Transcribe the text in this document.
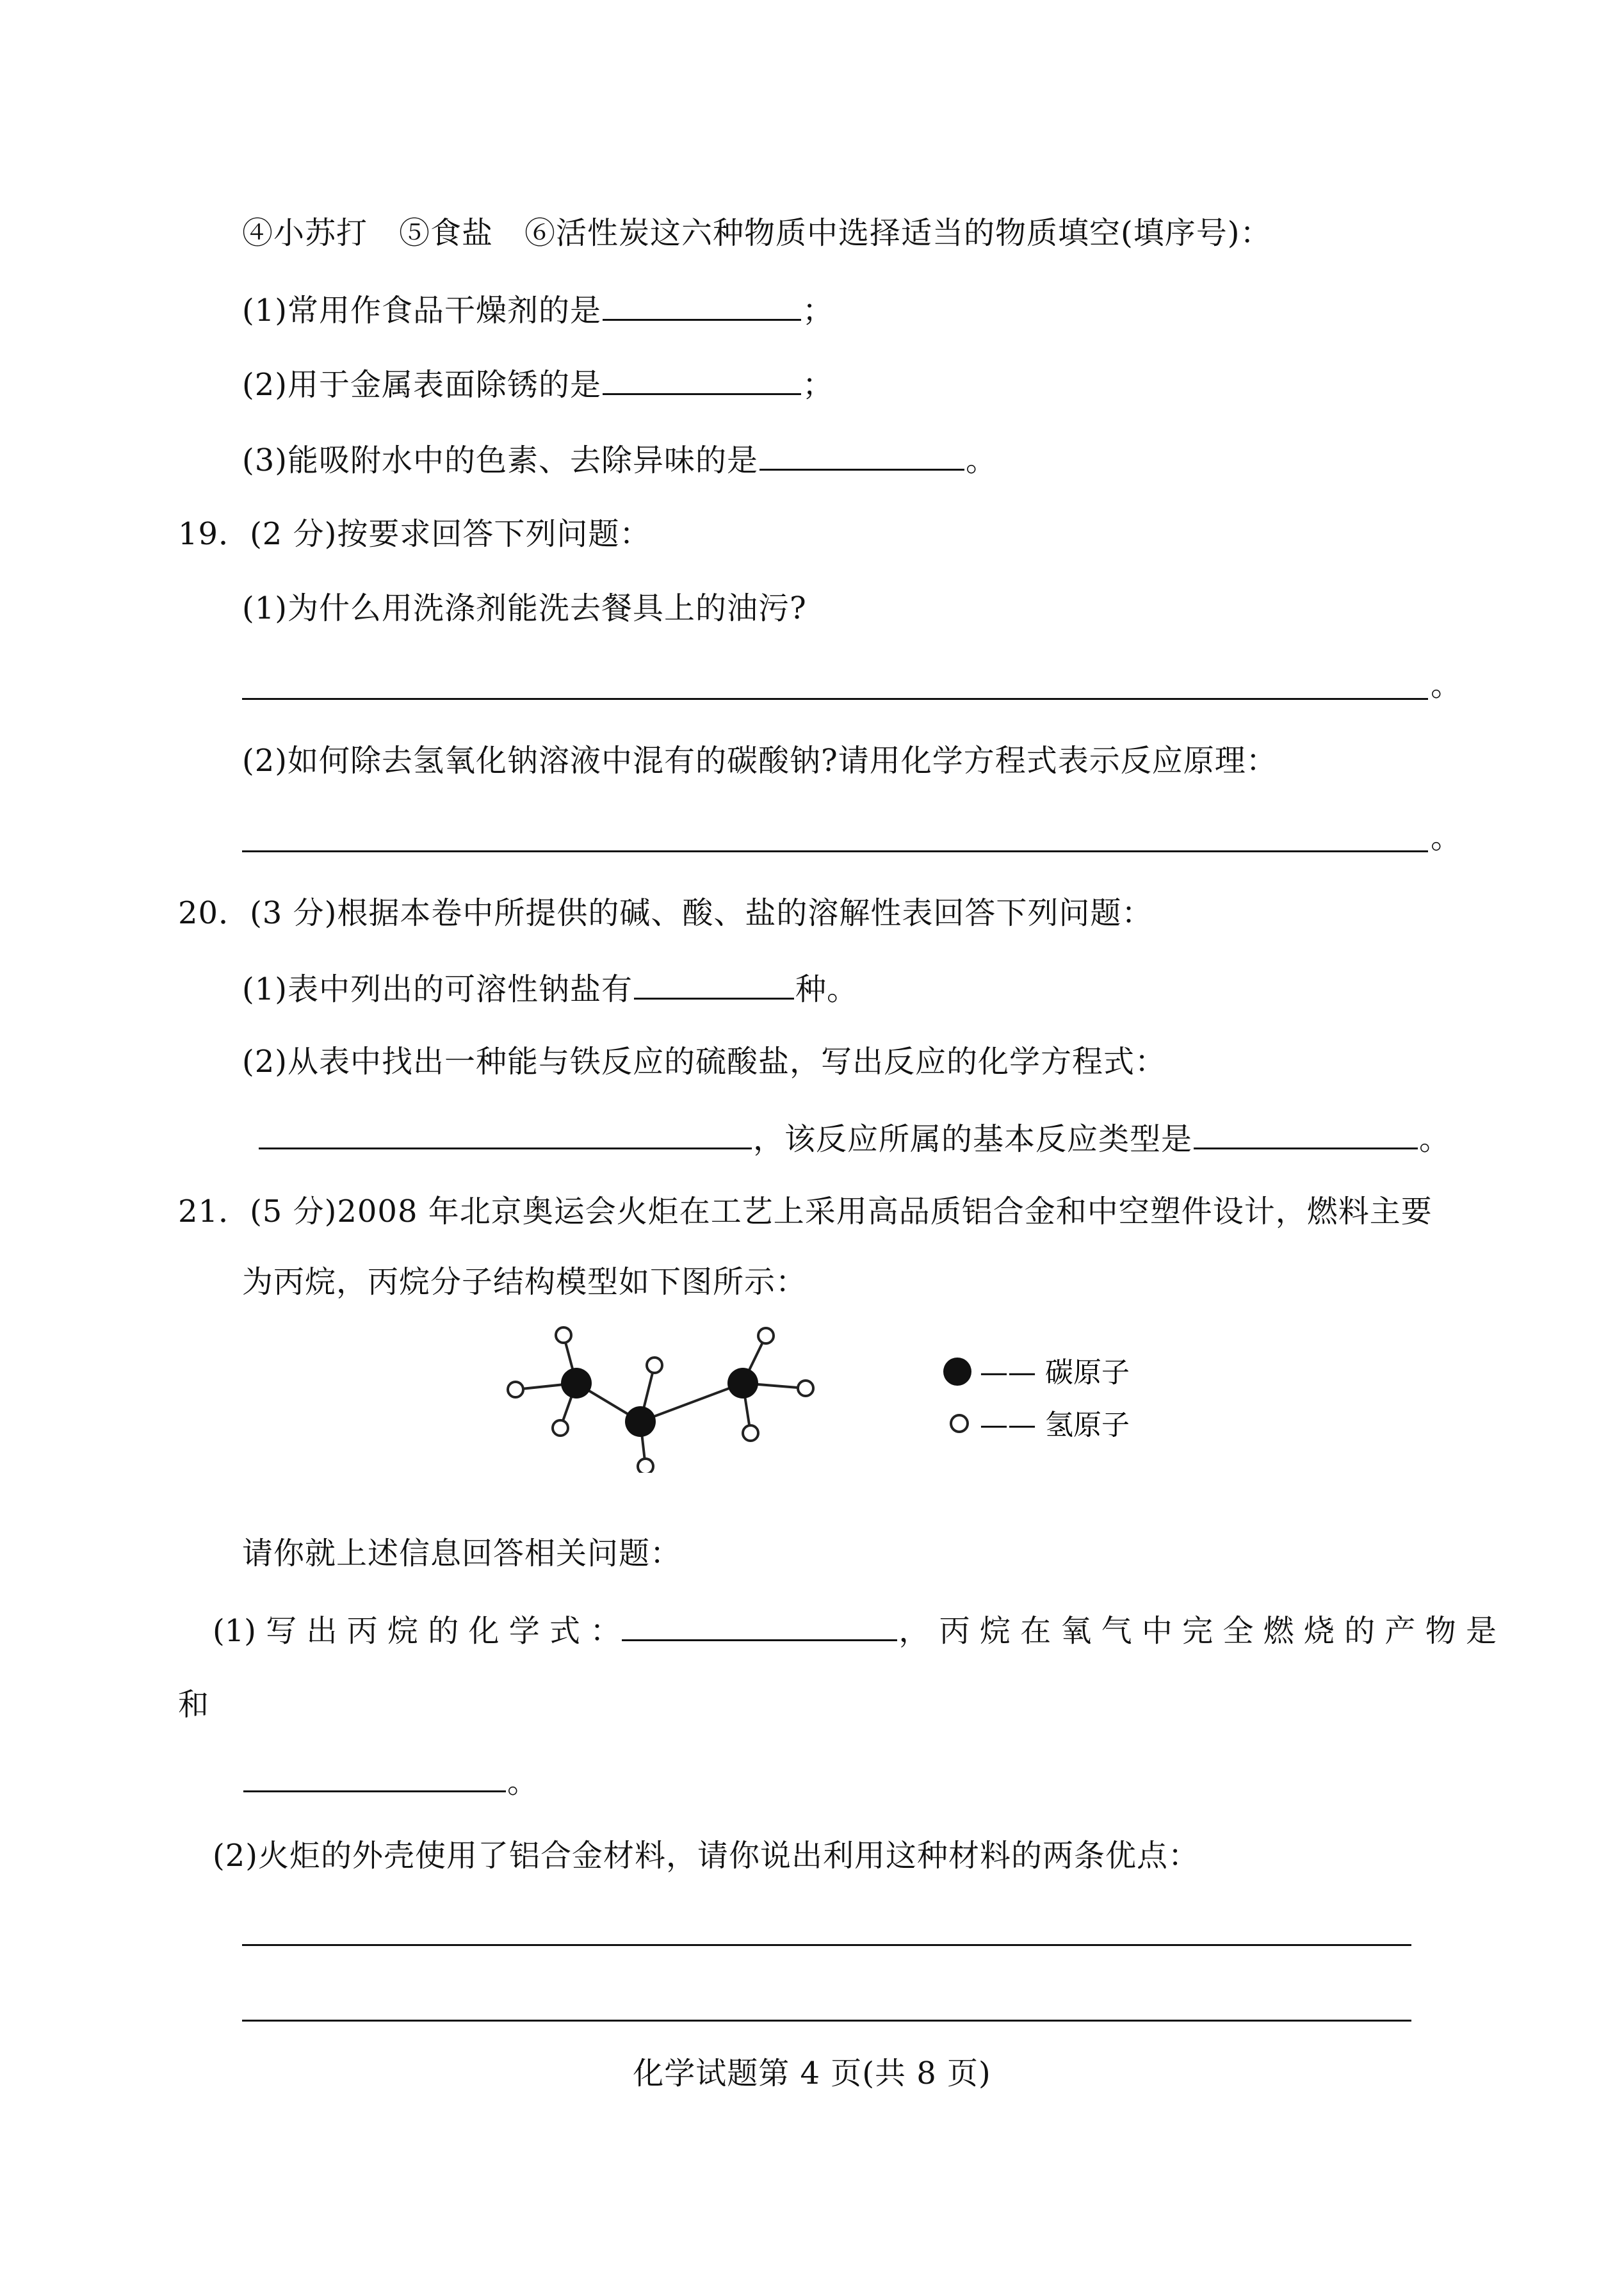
④小苏打　⑤食盐　⑥活性炭这六种物质中选择适当的物质填空(填序号)：
(1)常用作食品干燥剂的是	；
(2)用于金属表面除锈的是	；
(3)能吸附水中的色素、去除异味的是	。
19．(2 分)按要求回答下列问题：
(1)为什么用洗涤剂能洗去餐具上的油污?
。
(2)如何除去氢氧化钠溶液中混有的碳酸钠?请用化学方程式表示反应原理：
。
20．(3 分)根据本卷中所提供的碱、酸、盐的溶解性表回答下列问题：
(1)表中列出的可溶性钠盐有	种。
(2)从表中找出一种能与铁反应的硫酸盐，写出反应的化学方程式：
，该反应所属的基本反应类型是	。
21．(5 分)2008 年北京奥运会火炬在工艺上采用高品质铝合金和中空塑件设计，燃料主要
为丙烷，丙烷分子结构模型如下图所示：
—— 碳原子
—— 氢原子
请你就上述信息回答相关问题：
(1) 写 出 丙 烷 的 化 学 式 ：	， 丙 烷 在 氧 气 中 完 全 燃 烧 的 产 物 是
和
。
(2)火炬的外壳使用了铝合金材料，请你说出利用这种材料的两条优点：
化学试题第 4 页(共 8 页)
